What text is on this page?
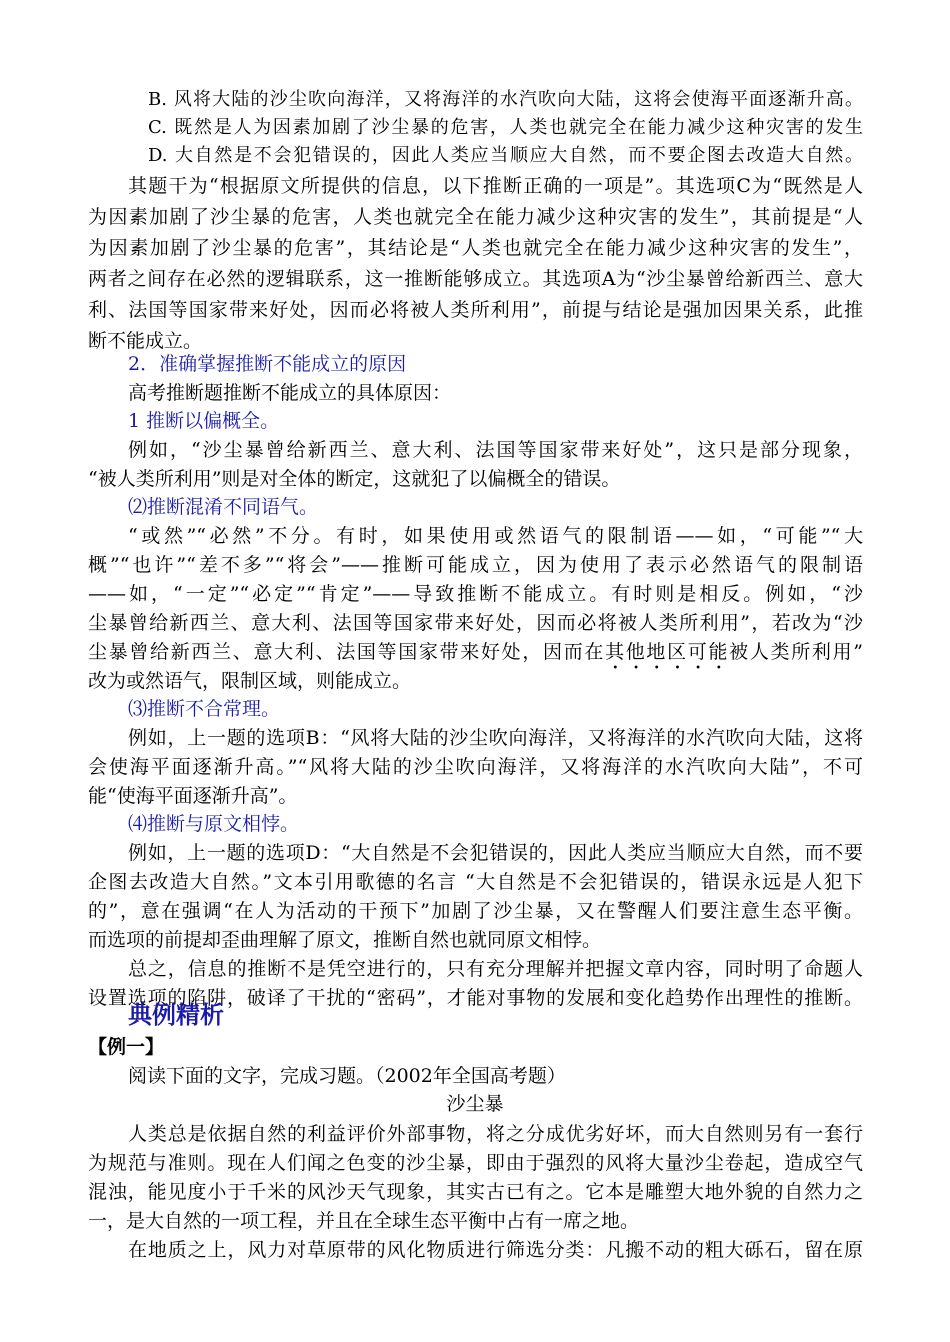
B. 风将大陆的沙尘吹向海洋，又将海洋的水汽吹向大陆，这将会使海平面逐渐升高。
C. 既然是人为因素加剧了沙尘暴的危害，人类也就完全在能力减少这种灾害的发生
D. 大自然是不会犯错误的，因此人类应当顺应大自然，而不要企图去改造大自然。
其题干为“根据原文所提供的信息，以下推断正确的一项是”。其选项C为“既然是人
为因素加剧了沙尘暴的危害，人类也就完全在能力减少这种灾害的发生”，其前提是“人
为因素加剧了沙尘暴的危害”，其结论是“人类也就完全在能力减少这种灾害的发生”，
两者之间存在必然的逻辑联系，这一推断能够成立。其选项A为“沙尘暴曾给新西兰、意大
利、法国等国家带来好处，因而必将被人类所利用”，前提与结论是强加因果关系，此推
断不能成立。
2．准确掌握推断不能成立的原因
高考推断题推断不能成立的具体原因：
1 推断以偏概全。
例如，“沙尘暴曾给新西兰、意大利、法国等国家带来好处”，这只是部分现象，
“被人类所利用”则是对全体的断定，这就犯了以偏概全的错误。
⑵推断混淆不同语气。
“或然”“必然”不分。有时，如果使用或然语气的限制语——如，“可能”“大
概”“也许”“差不多”“将会”——推断可能成立，因为使用了表示必然语气的限制语
——如，“一定”“必定”“肯定”——导致推断不能成立。有时则是相反。例如，“沙
尘暴曾给新西兰、意大利、法国等国家带来好处，因而必将被人类所利用”，若改为“沙
尘暴曾给新西兰、意大利、法国等国家带来好处，因而在其他地区可能被人类所利用”
改为或然语气，限制区域，则能成立。
⑶推断不合常理。
例如，上一题的选项B：“风将大陆的沙尘吹向海洋，又将海洋的水汽吹向大陆，这将
会使海平面逐渐升高。”“风将大陆的沙尘吹向海洋，又将海洋的水汽吹向大陆”，不可
能“使海平面逐渐升高”。
⑷推断与原文相悖。
例如，上一题的选项D：“大自然是不会犯错误的，因此人类应当顺应大自然，而不要
企图去改造大自然。”文本引用歌德的名言 “大自然是不会犯错误的，错误永远是人犯下
的”，意在强调“在人为活动的干预下”加剧了沙尘暴，又在警醒人们要注意生态平衡。
而选项的前提却歪曲理解了原文，推断自然也就同原文相悖。
总之，信息的推断不是凭空进行的，只有充分理解并把握文章内容，同时明了命题人
设置选项的陷阱，破译了干扰的“密码”，才能对事物的发展和变化趋势作出理性的推断。
典例精析
【例一】
阅读下面的文字，完成习题。（2002年全国高考题）
沙尘暴
人类总是依据自然的利益评价外部事物，将之分成优劣好坏，而大自然则另有一套行
为规范与准则。现在人们闻之色变的沙尘暴，即由于强烈的风将大量沙尘卷起，造成空气
混浊，能见度小于千米的风沙天气现象，其实古已有之。它本是雕塑大地外貌的自然力之
一，是大自然的一项工程，并且在全球生态平衡中占有一席之地。
在地质之上，风力对草原带的风化物质进行筛选分类：凡搬不动的粗大砾石，留在原
